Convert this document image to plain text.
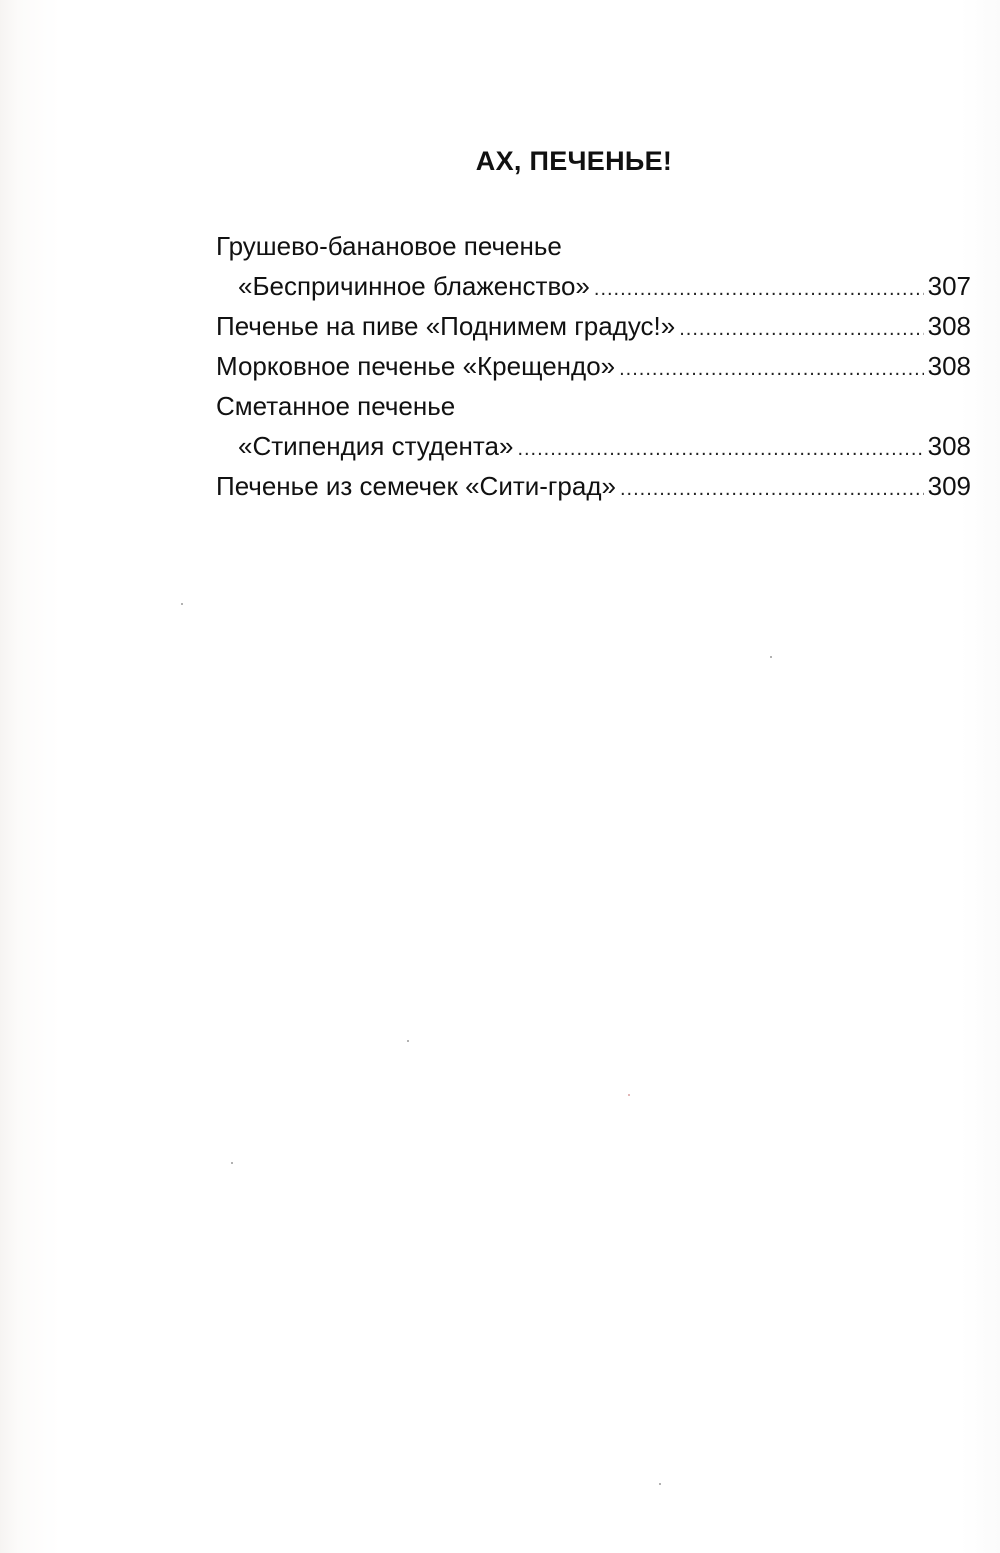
АХ, ПЕЧЕНЬЕ!
Грушево-банановое печенье
«Беспричинное блаженство» .....	307
Печенье на пиве «Поднимем градус!» .....	308
Морковное печенье «Крещендо» .....	308
Сметанное печенье
«Стипендия студента» .....	308
Печенье из семечек «Сити-град» .....	309
